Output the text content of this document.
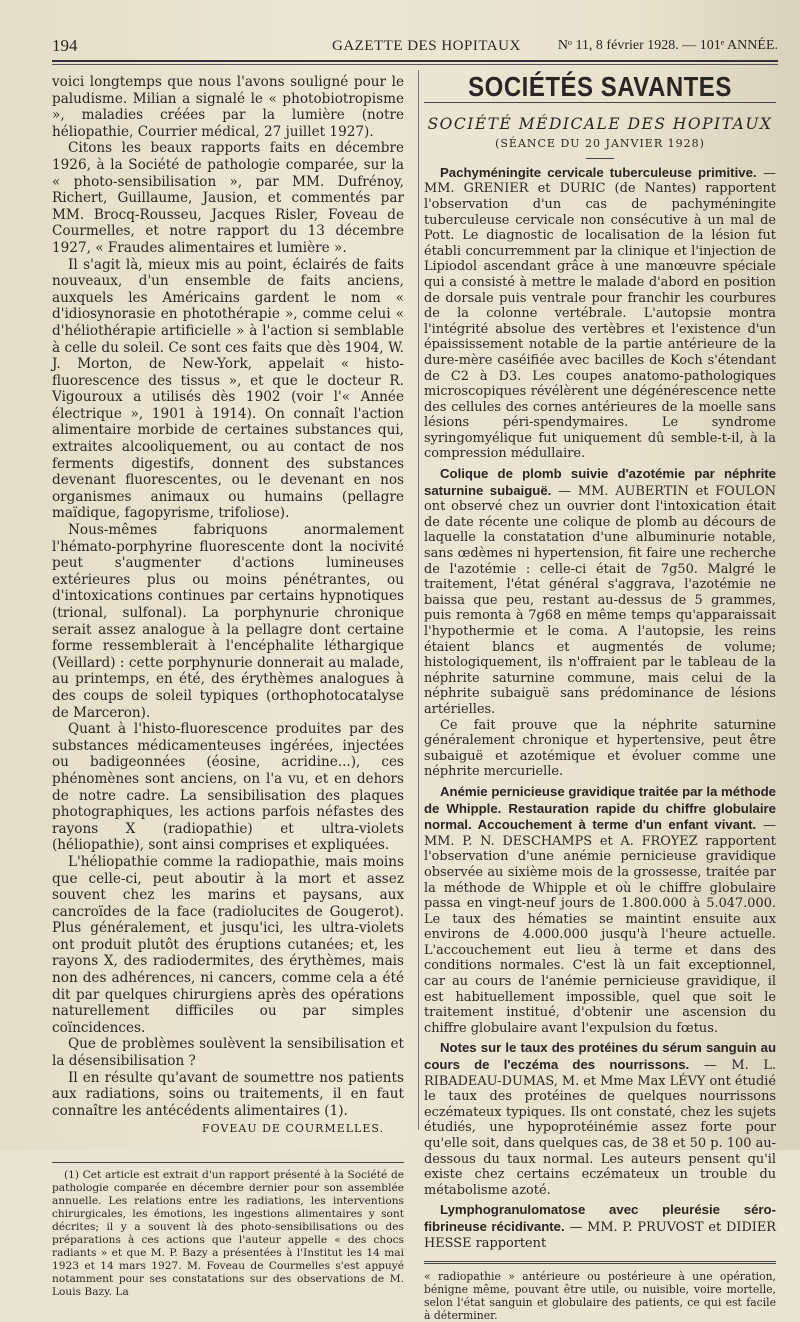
194	GAZETTE DES HOPITAUX	Nᵒ 11, 8 février 1928. — 101ᵉ ANNÉE.

voici longtemps que nous l'avons souligné pour le paludisme. Milian a signalé le « photobiotropisme », maladies créées par la lumière (notre héliopathie, Courrier médical, 27 juillet 1927).

Citons les beaux rapports faits en décembre 1926, à la Société de pathologie comparée, sur la « photo-sensibilisation », par MM. Dufrénoy, Richert, Guillaume, Jausion, et commentés par MM. Brocq-Rousseu, Jacques Risler, Foveau de Courmelles, et notre rapport du 13 décembre 1927, « Fraudes alimentaires et lumière ».

Il s'agit là, mieux mis au point, éclairés de faits nouveaux, d'un ensemble de faits anciens, auxquels les Américains gardent le nom « d'idiosynorasie en photothérapie », comme celui « d'héliothérapie artificielle » à l'action si semblable à celle du soleil. Ce sont ces faits que dès 1904, W. J. Morton, de New-York, appelait « histo-fluorescence des tissus », et que le docteur R. Vigouroux a utilisés dès 1902 (voir l'« Année électrique », 1901 à 1914). On connaît l'action alimentaire morbide de certaines substances qui, extraites alcooliquement, ou au contact de nos ferments digestifs, donnent des substances devenant fluorescentes, ou le devenant en nos organismes animaux ou humains (pellagre maïdique, fagopyrisme, trifoliose).

Nous-mêmes fabriquons anormalement l'hémato-porphyrine fluorescente dont la nocivité peut s'augmenter d'actions lumineuses extérieures plus ou moins pénétrantes, ou d'intoxications continues par certains hypnotiques (trional, sulfonal). La porphynurie chronique serait assez analogue à la pellagre dont certaine forme ressemblerait à l'encéphalite léthargique (Veillard) : cette porphynurie donnerait au malade, au printemps, en été, des érythèmes analogues à des coups de soleil typiques (orthophotocatalyse de Marceron).

Quant à l'histo-fluorescence produites par des substances médicamenteuses ingérées, injectées ou badigeonnées (éosine, acridine...), ces phénomènes sont anciens, on l'a vu, et en dehors de notre cadre. La sensibilisation des plaques photographiques, les actions parfois néfastes des rayons X (radiopathie) et ultra-violets (héliopathie), sont ainsi comprises et expliquées.

L'héliopathie comme la radiopathie, mais moins que celle-ci, peut aboutir à la mort et assez souvent chez les marins et paysans, aux cancroïdes de la face (radiolucites de Gougerot). Plus généralement, et jusqu'ici, les ultra-violets ont produit plutôt des éruptions cutanées; et, les rayons X, des radiodermites, des érythèmes, mais non des adhérences, ni cancers, comme cela a été dit par quelques chirurgiens après des opérations naturellement difficiles ou par simples coïncidences.

Que de problèmes soulèvent la sensibilisation et la désensibilisation ?

Il en résulte qu'avant de soumettre nos patients aux radiations, soins ou traitements, il en faut connaître les antécédents alimentaires (1).

FOVEAU DE COURMELLES.
(1) Cet article est extrait d'un rapport présenté à la Société de pathologie comparée en décembre dernier pour son assemblée annuelle. Les relations entre les radiations, les interventions chirurgicales, les émotions, les ingestions alimentaires y sont décrites; il y a souvent là des photo-sensibilisations ou des préparations à ces actions que l'auteur appelle « des chocs radiants » et que M. P. Bazy a présentées à l'Institut les 14 mai 1923 et 14 mars 1927. M. Foveau de Courmelles s'est appuyé notamment pour ses constatations sur des observations de M. Louis Bazy. La
SOCIÉTÉS SAVANTES
SOCIÉTÉ MÉDICALE DES HOPITAUX
(SÉANCE DU 20 JANVIER 1928)

Pachyméningite cervicale tuberculeuse primitive. — MM. GRENIER et DURIC (de Nantes) rapportent l'observation d'un cas de pachyméningite tuberculeuse cervicale non consécutive à un mal de Pott. Le diagnostic de localisation de la lésion fut établi concurremment par la clinique et l'injection de Lipiodol ascendant grâce à une manœuvre spéciale qui a consisté à mettre le malade d'abord en position de dorsale puis ventrale pour franchir les courbures de la colonne vertébrale. L'autopsie montra l'intégrité absolue des vertèbres et l'existence d'un épaississement notable de la partie antérieure de la dure-mère caséifiée avec bacilles de Koch s'étendant de C2 à D3. Les coupes anatomo-pathologiques microscopiques révélèrent une dégénérescence nette des cellules des cornes antérieures de la moelle sans lésions péri-spendymaires. Le syndrome syringomyélique fut uniquement dû semble-t-il, à la compression médullaire.

Colique de plomb suivie d'azotémie par néphrite saturnine subaiguë. — MM. AUBERTIN et FOULON ont observé chez un ouvrier dont l'intoxication était de date récente une colique de plomb au décours de laquelle la constatation d'une albuminurie notable, sans œdèmes ni hypertension, fit faire une recherche de l'azotémie : celle-ci était de 7g50. Malgré le traitement, l'état général s'aggrava, l'azotémie ne baissa que peu, restant au-dessus de 5 grammes, puis remonta à 7g68 en même temps qu'apparaissait l'hypothermie et le coma. A l'autopsie, les reins étaient blancs et augmentés de volume; histologiquement, ils n'offraient par le tableau de la néphrite saturnine commune, mais celui de la néphrite subaiguë sans prédominance de lésions artérielles.

Ce fait prouve que la néphrite saturnine généralement chronique et hypertensive, peut être subaiguë et azotémique et évoluer comme une néphrite mercurielle.

Anémie pernicieuse gravidique traitée par la méthode de Whipple. Restauration rapide du chiffre globulaire normal. Accouchement à terme d'un enfant vivant. — MM. P. N. DESCHAMPS et A. FROYEZ rapportent l'observation d'une anémie pernicieuse gravidique observée au sixième mois de la grossesse, traitée par la méthode de Whipple et où le chiffre globulaire passa en vingt-neuf jours de 1.800.000 à 5.047.000. Le taux des hématies se maintint ensuite aux environs de 4.000.000 jusqu'à l'heure actuelle. L'accouchement eut lieu à terme et dans des conditions normales. C'est là un fait exceptionnel, car au cours de l'anémie pernicieuse gravidique, il est habituellement impossible, quel que soit le traitement institué, d'obtenir une ascension du chiffre globulaire avant l'expulsion du fœtus.

Notes sur le taux des protéines du sérum sanguin au cours de l'eczéma des nourrissons. — M. L. RIBADEAU-DUMAS, M. et Mme Max LÉVY ont étudié le taux des protéines de quelques nourrissons eczémateux typiques. Ils ont constaté, chez les sujets étudiés, une hypoprotéinémie assez forte pour qu'elle soit, dans quelques cas, de 38 et 50 p. 100 au-dessous du taux normal. Les auteurs pensent qu'il existe chez certains eczémateux un trouble du métabolisme azoté.

Lymphogranulomatose avec pleurésie séro-fibrineuse récidivante. — MM. P. PRUVOST et DIDIER HESSE rapportent

« radiopathie » antérieure ou postérieure à une opération, bénigne même, pouvant être utile, ou nuisible, voire mortelle, selon l'état sanguin et globulaire des patients, ce qui est facile à déterminer.
